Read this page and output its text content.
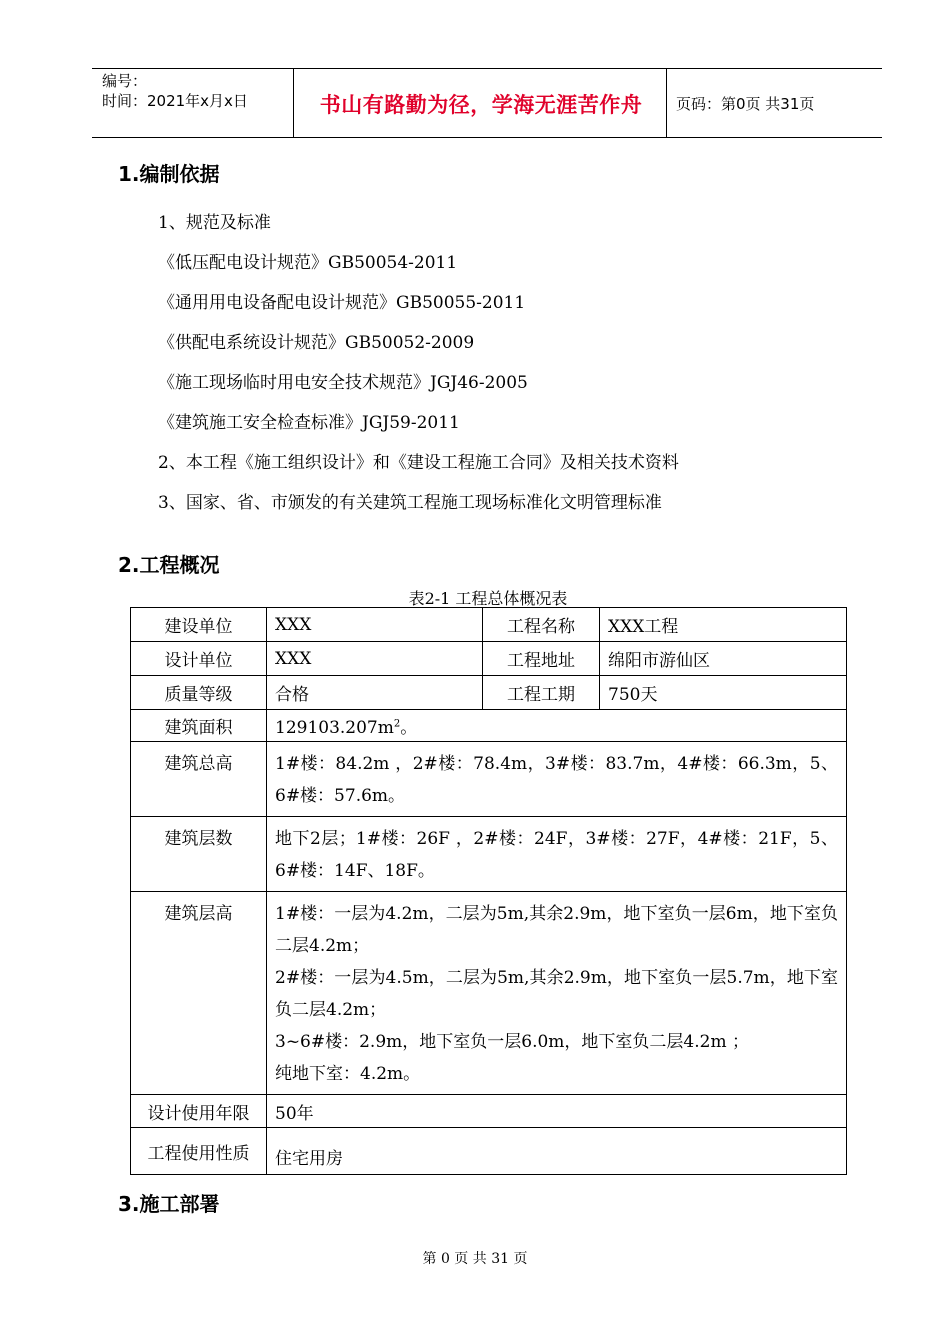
编号：
时间：2021年x月x日	书山有路勤为径，学海无涯苦作舟	页码：第0页 共31页
1.编制依据
1、规范及标准
《低压配电设计规范》GB50054-2011
《通用用电设备配电设计规范》GB50055-2011
《供配电系统设计规范》GB50052-2009
《施工现场临时用电安全技术规范》JGJ46-2005
《建筑施工安全检查标准》JGJ59-2011
2、本工程《施工组织设计》和《建设工程施工合同》及相关技术资料
3、国家、省、市颁发的有关建筑工程施工现场标准化文明管理标准
2.工程概况
表2-1 工程总体概况表
建设单位	XXX	工程名称	XXX工程
设计单位	XXX	工程地址	绵阳市游仙区
质量等级	合格	工程工期	750天
建筑面积	$129103.207m^2$。		
建筑总高	1#楼：84.2m ，2#楼：78.4m，3#楼：83.7m，4#楼：66.3m，5、6#楼：57.6m。		
建筑层数	地下2层；1#楼：26F ，2#楼：24F，3#楼：27F，4#楼：21F，5、6#楼：14F、18F。		
建筑层高	1#楼：一层为4.2m，二层为5m,其余2.9m，地下室负一层6m，地下室负二层4.2m；
2#楼：一层为4.5m，二层为5m,其余2.9m，地下室负一层5.7m，地下室负二层4.2m；
3~6#楼：2.9m，地下室负一层6.0m，地下室负二层4.2m ；
纯地下室：4.2m。		

设计使用年限	50年		
工程使用性质	住宅用房		
3.施工部署
第 0 页 共 31 页
